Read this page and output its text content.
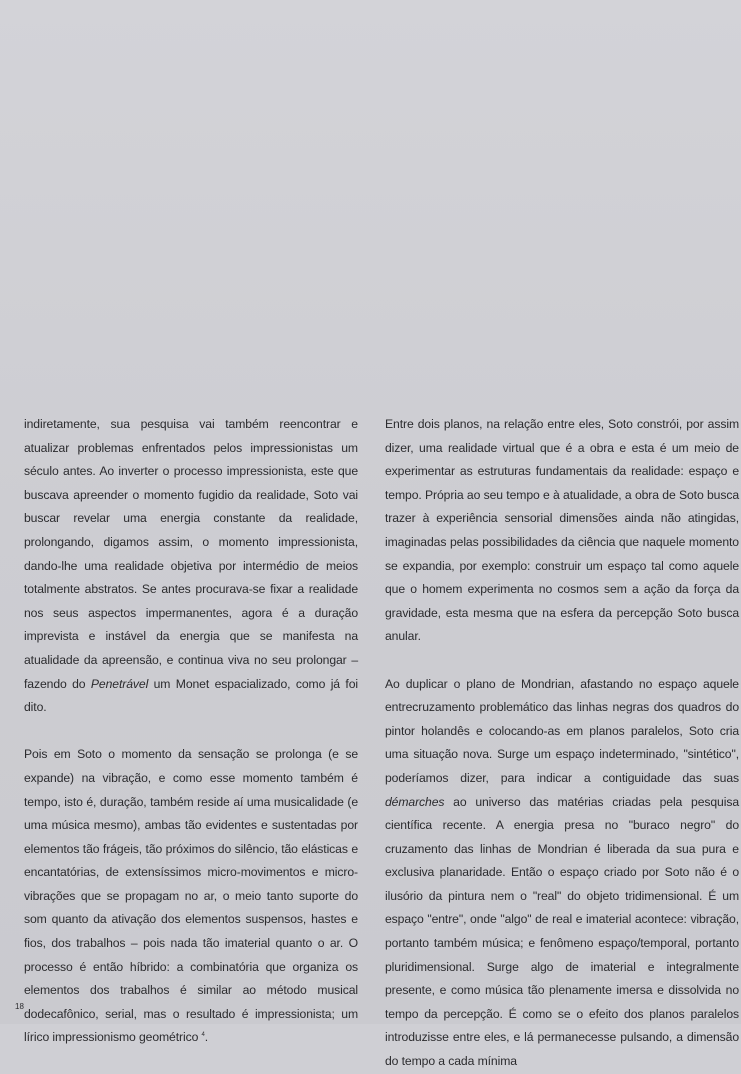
indiretamente, sua pesquisa vai também reencontrar e atualizar problemas enfrentados pelos impressionistas um século antes. Ao inverter o processo impressionista, este que buscava apreender o momento fugidio da realidade, Soto vai buscar revelar uma energia constante da realidade, prolongando, digamos assim, o momento impressionista, dando-lhe uma realidade objetiva por intermédio de meios totalmente abstratos. Se antes procurava-se fixar a realidade nos seus aspectos impermanentes, agora é a duração imprevista e instável da energia que se manifesta na atualidade da apreensão, e continua viva no seu prolongar – fazendo do Penetrável um Monet espacializado, como já foi dito.

Pois em Soto o momento da sensação se prolonga (e se expande) na vibração, e como esse momento também é tempo, isto é, duração, também reside aí uma musicalidade (e uma música mesmo), ambas tão evidentes e sustentadas por elementos tão frágeis, tão próximos do silêncio, tão elásticas e encantatórias, de extensíssimos micro-movimentos e micro-vibrações que se propagam no ar, o meio tanto suporte do som quanto da ativação dos elementos suspensos, hastes e fios, dos trabalhos – pois nada tão imaterial quanto o ar. O processo é então híbrido: a combinatória que organiza os elementos dos trabalhos é similar ao método musical dodecafônico, serial, mas o resultado é impressionista; um lírico impressionismo geométrico $^4$.

Entre dois planos, na relação entre eles, Soto constrói, por assim dizer, uma realidade virtual que é a obra e esta é um meio de experimentar as estruturas fundamentais da realidade: espaço e tempo. Própria ao seu tempo e à atualidade, a obra de Soto busca trazer à experiência sensorial dimensões ainda não atingidas, imaginadas pelas possibilidades da ciência que naquele momento se expandia, por exemplo: construir um espaço tal como aquele que o homem experimenta no cosmos sem a ação da força da gravidade, esta mesma que na esfera da percepção Soto busca anular.

Ao duplicar o plano de Mondrian, afastando no espaço aquele entrecruzamento problemático das linhas negras dos quadros do pintor holandês e colocando-as em planos paralelos, Soto cria uma situação nova. Surge um espaço indeterminado, "sintético", poderíamos dizer, para indicar a contiguidade das suas démarches ao universo das matérias criadas pela pesquisa científica recente. A energia presa no "buraco negro" do cruzamento das linhas de Mondrian é liberada da sua pura e exclusiva planaridade. Então o espaço criado por Soto não é o ilusório da pintura nem o "real" do objeto tridimensional. É um espaço "entre", onde "algo" de real e imaterial acontece: vibração, portanto também música; e fenômeno espaço/temporal, portanto pluridimensional. Surge algo de imaterial e integralmente presente, e como música tão plenamente imersa e dissolvida no tempo da percepção. É como se o efeito dos planos paralelos introduzisse entre eles, e lá permanecesse pulsando, a dimensão do tempo a cada mínima

18
